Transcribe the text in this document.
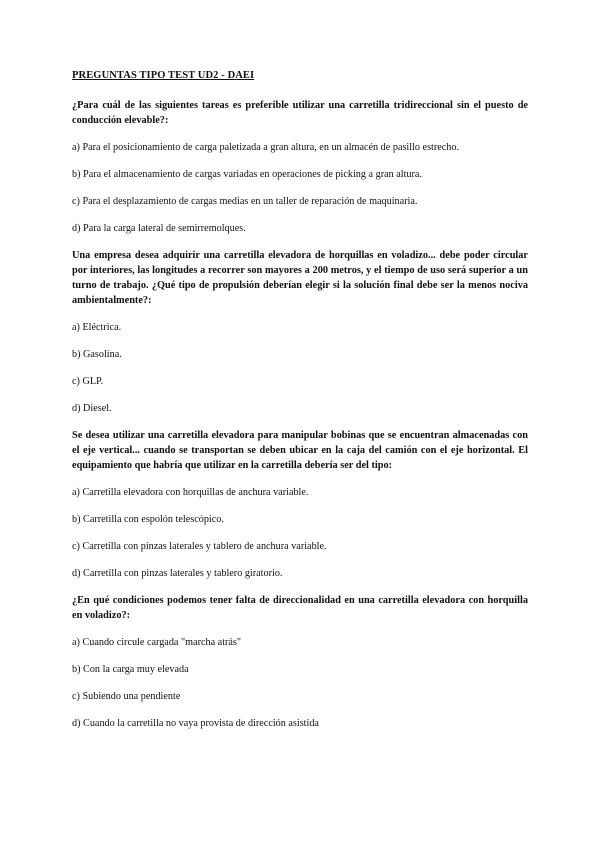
PREGUNTAS TIPO TEST UD2 - DAEI
¿Para cuál de las siguientes tareas es preferible utilizar una carretilla tridireccional sin el puesto de conducción elevable?:
a) Para el posicionamiento de carga paletizada a gran altura, en un almacén de pasillo estrecho.
b) Para el almacenamiento de cargas variadas en operaciones de picking a gran altura.
c) Para el desplazamiento de cargas medias en un taller de reparación de maquinaria.
d) Para la carga lateral de semirremolques.
Una empresa desea adquirir una carretilla elevadora de horquillas en voladizo... debe poder circular por interiores, las longitudes a recorrer son mayores a 200 metros, y el tiempo de uso será superior a un turno de trabajo. ¿Qué tipo de propulsión deberían elegir si la solución final debe ser la menos nociva ambientalmente?:
a) Eléctrica.
b) Gasolina.
c) GLP.
d) Diesel.
Se desea utilizar una carretilla elevadora para manipular bobinas que se encuentran almacenadas con el eje vertical... cuando se transportan se deben ubicar en la caja del camión con el eje horizontal. El equipamiento que habría que utilizar en la carretilla debería ser del tipo:
a) Carretilla elevadora con horquillas de anchura variable.
b) Carretilla con espolón telescópico.
c) Carretilla con pinzas laterales y tablero de anchura variable.
d) Carretilla con pinzas laterales y tablero giratorio.
¿En qué condiciones podemos tener falta de direccionalidad en una carretilla elevadora con horquilla en voladizo?:
a) Cuando circule cargada "marcha atrás"
b) Con la carga muy elevada
c) Subiendo una pendiente
d) Cuando la carretilla no vaya provista de dirección asistida
